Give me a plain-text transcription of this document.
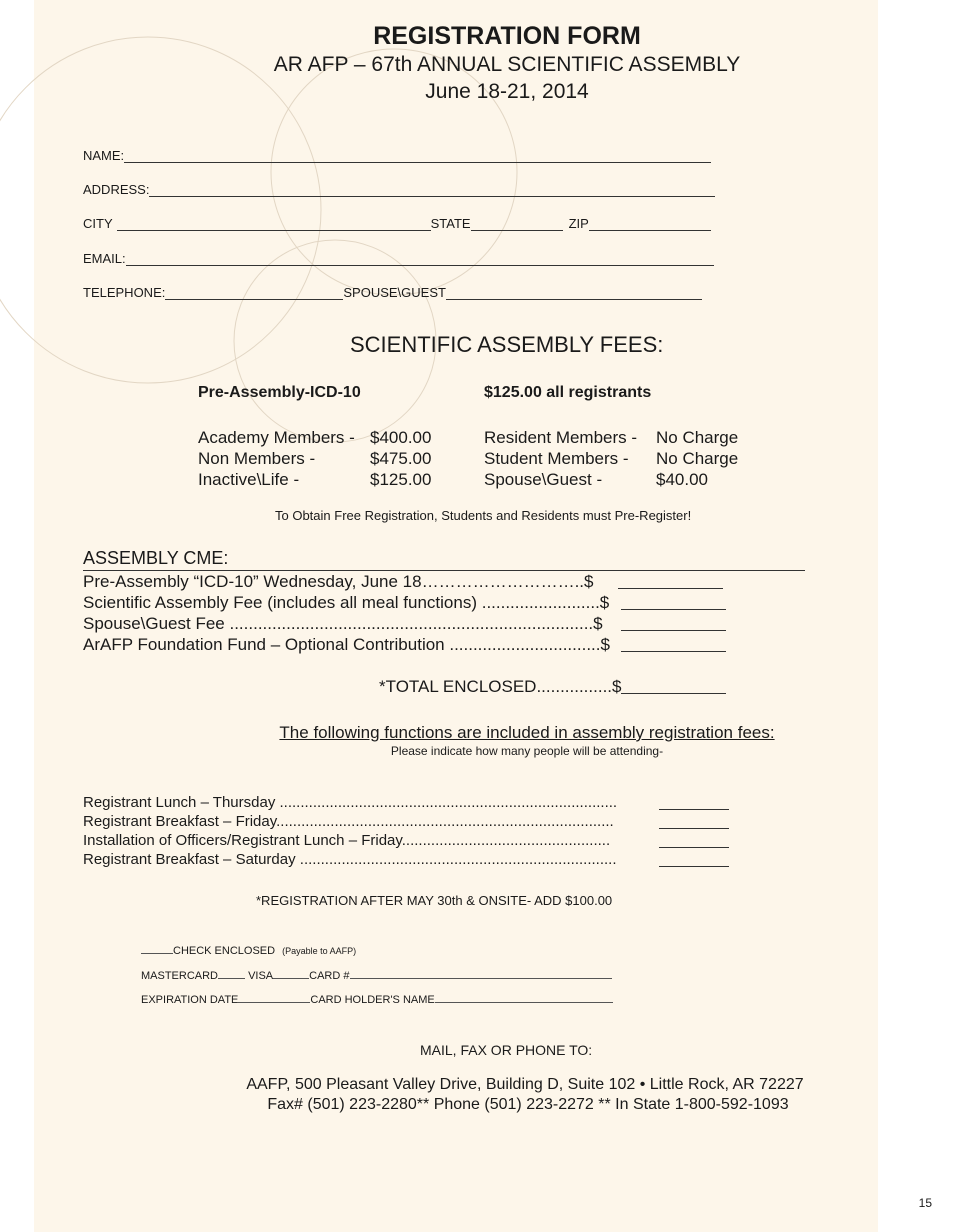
REGISTRATION FORM
AR AFP – 67th ANNUAL SCIENTIFIC ASSEMBLY
June 18-21, 2014
NAME:
ADDRESS:
CITY	STATE	ZIP
EMAIL:
TELEPHONE:	SPOUSE\GUEST
SCIENTIFIC ASSEMBLY FEES:
Pre-Assembly-ICD-10	$125.00 all registrants
Academy Members - $400.00
Non Members -	$475.00
Inactive\Life -	$125.00
Resident Members - No Charge
Student Members - No Charge
Spouse\Guest -	$40.00
To Obtain Free Registration, Students and Residents must Pre-Register!
ASSEMBLY CME:
Pre-Assembly “ICD-10” Wednesday, June 18………………………..$
Scientific Assembly Fee (includes all meal functions) .........................$
Spouse\Guest Fee .............................................................................$
ArAFP Foundation Fund – Optional Contribution ................................$
*TOTAL ENCLOSED................$
The following functions are included in assembly registration fees:
Please indicate how many people will be attending-
Registrant Lunch – Thursday .................................................................................
Registrant Breakfast – Friday.................................................................................
Installation of Officers/Registrant Lunch – Friday..................................................
Registrant Breakfast – Saturday ............................................................................
*REGISTRATION AFTER MAY 30th & ONSITE- ADD $100.00
CHECK ENCLOSED (Payable to AAFP)
MASTERCARD	VISA	CARD #
EXPIRATION DATE	CARD HOLDER'S NAME
MAIL, FAX OR PHONE TO:
AAFP, 500 Pleasant Valley Drive, Building D, Suite 102 • Little Rock, AR 72227
Fax# (501) 223-2280** Phone (501) 223-2272 ** In State 1-800-592-1093
15
